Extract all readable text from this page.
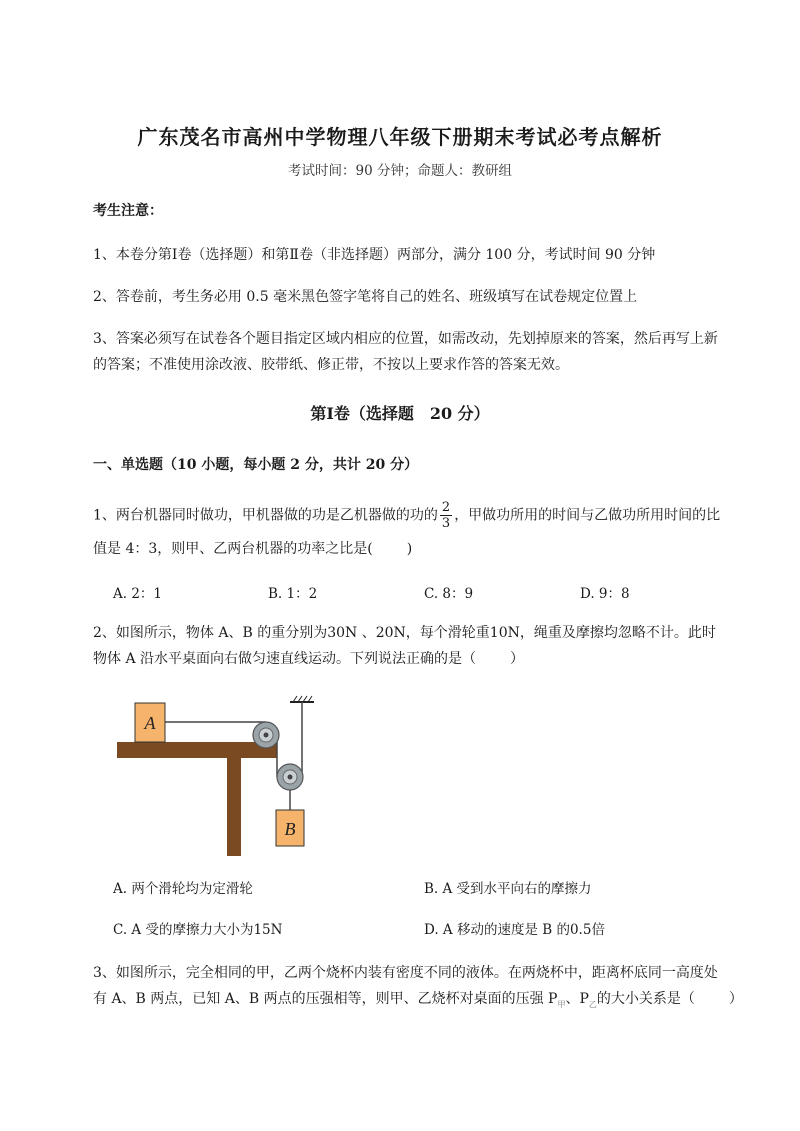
广东茂名市高州中学物理八年级下册期末考试必考点解析
考试时间：90 分钟；命题人：教研组
考生注意：
1、本卷分第Ⅰ卷（选择题）和第Ⅱ卷（非选择题）两部分，满分 100 分，考试时间 90 分钟
2、答卷前，考生务必用 0.5 毫米黑色签字笔将自己的姓名、班级填写在试卷规定位置上
3、答案必须写在试卷各个题目指定区域内相应的位置，如需改动，先划掉原来的答案，然后再写上新
的答案；不准使用涂改液、胶带纸、修正带，不按以上要求作答的答案无效。
第Ⅰ卷（选择题　20 分）
一、单选题（10 小题，每小题 2 分，共计 20 分）
1、两台机器同时做功，甲机器做的功是乙机器做的功的 $\frac{2}{3}$ ，甲做功所用的时间与乙做功所用时间的比
值是 4：3，则甲、乙两台机器的功率之比是( )
A. 2：1	B. 1：2	C. 8：9	D. 9：8
2、如图所示，物体 A、B 的重分别为30N 、20N，每个滑轮重10N，绳重及摩擦均忽略不计。此时
物体 A 沿水平桌面向右做匀速直线运动。下列说法正确的是（ ）
A
B
A. 两个滑轮均为定滑轮	B. A 受到水平向右的摩擦力
C. A 受的摩擦力大小为15N	D. A 移动的速度是 B 的0.5倍
3、如图所示，完全相同的甲，乙两个烧杯内装有密度不同的液体。在两烧杯中，距离杯底同一高度处
有 A、B 两点，已知 A、B 两点的压强相等，则甲、乙烧杯对桌面的压强 $P_甲$、$P_乙$的大小关系是（ ）
